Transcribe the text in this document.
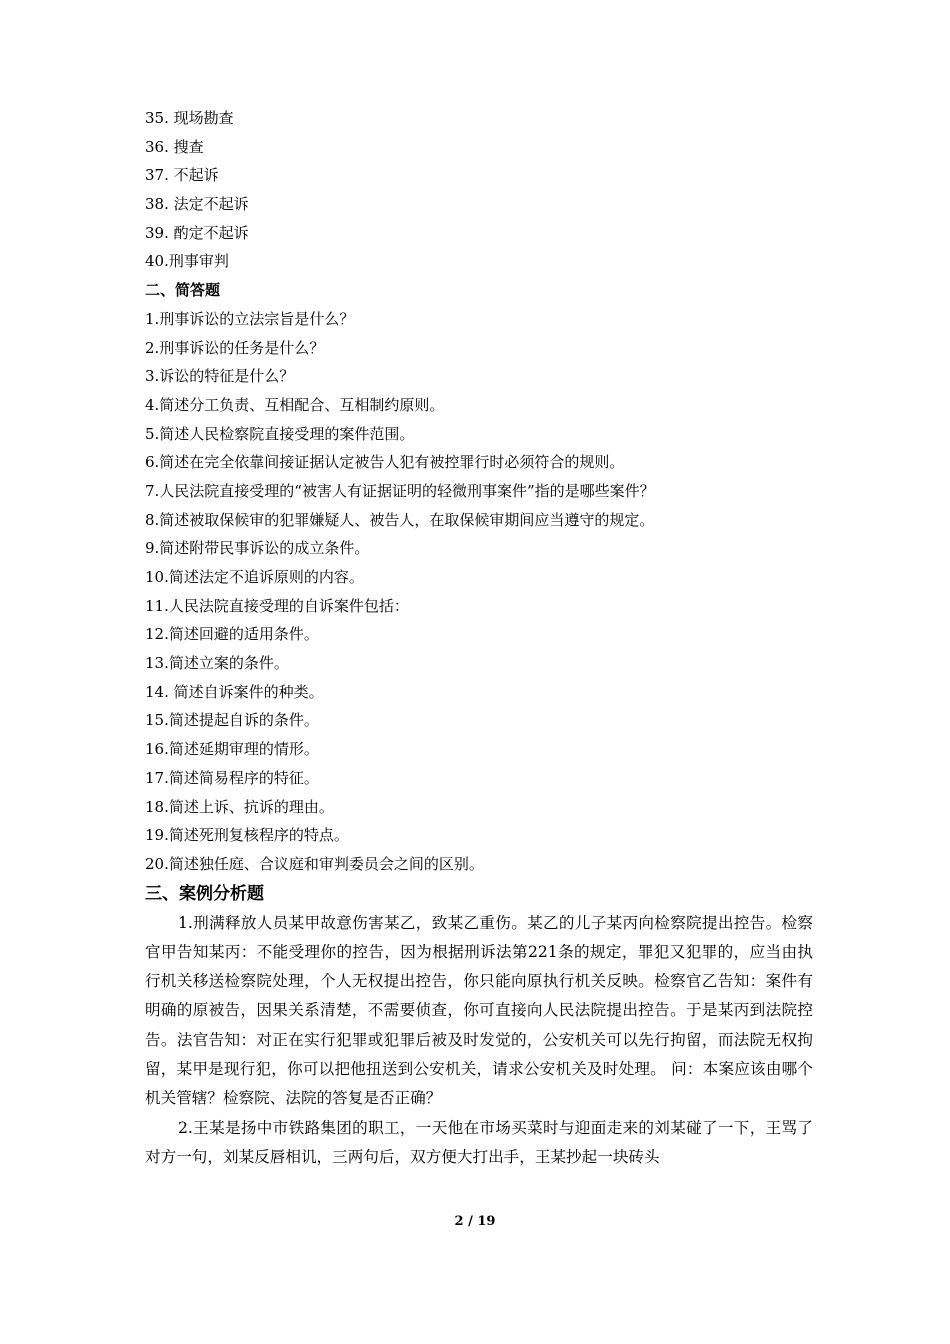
35. 现场勘查
36. 搜查
37. 不起诉
38. 法定不起诉
39. 酌定不起诉
40.刑事审判
二、简答题
1.刑事诉讼的立法宗旨是什么？
2.刑事诉讼的任务是什么？
3.诉讼的特征是什么？
4.简述分工负责、互相配合、互相制约原则。
5.简述人民检察院直接受理的案件范围。
6.简述在完全依靠间接证据认定被告人犯有被控罪行时必须符合的规则。
7.人民法院直接受理的“被害人有证据证明的轻微刑事案件”指的是哪些案件？
8.简述被取保候审的犯罪嫌疑人、被告人，在取保候审期间应当遵守的规定。
9.简述附带民事诉讼的成立条件。
10.简述法定不追诉原则的内容。
11.人民法院直接受理的自诉案件包括：
12.简述回避的适用条件。
13.简述立案的条件。
14. 简述自诉案件的种类。
15.简述提起自诉的条件。
16.简述延期审理的情形。
17.简述简易程序的特征。
18.简述上诉、抗诉的理由。
19.简述死刑复核程序的特点。
20.简述独任庭、合议庭和审判委员会之间的区别。
三、案例分析题

1.刑满释放人员某甲故意伤害某乙，致某乙重伤。某乙的儿子某丙向检察院提出控告。检察官甲告知某丙：不能受理你的控告，因为根据刑诉法第221条的规定，罪犯又犯罪的，应当由执行机关移送检察院处理，个人无权提出控告，你只能向原执行机关反映。检察官乙告知：案件有明确的原被告，因果关系清楚，不需要侦查，你可直接向人民法院提出控告。于是某丙到法院控告。法官告知：对正在实行犯罪或犯罪后被及时发觉的，公安机关可以先行拘留，而法院无权拘留，某甲是现行犯，你可以把他扭送到公安机关，请求公安机关及时处理。 问：本案应该由哪个机关管辖？检察院、法院的答复是否正确？

2.王某是扬中市铁路集团的职工，一天他在市场买菜时与迎面走来的刘某碰了一下，王骂了对方一句，刘某反唇相讥，三两句后，双方便大打出手，王某抄起一块砖头

2 / 19
